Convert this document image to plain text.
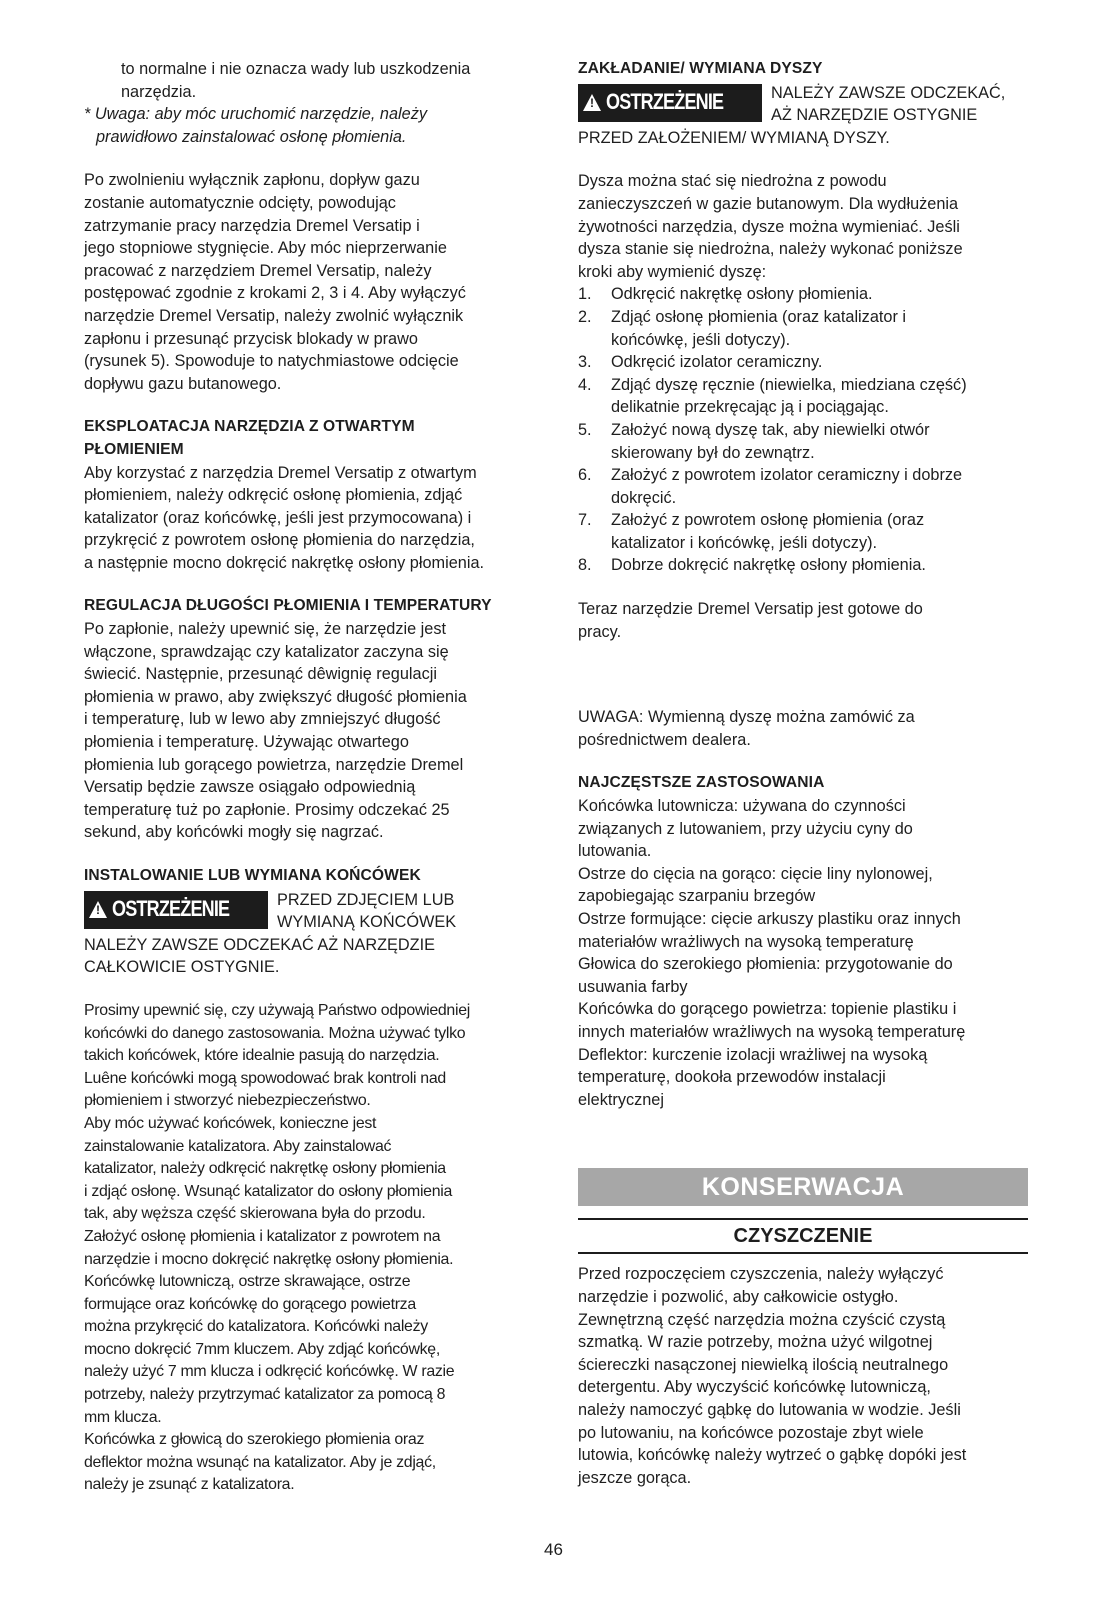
to normalne i nie oznacza wady lub uszkodzenia
narzędzia.

* Uwaga: aby móc uruchomić narzędzie, należy
prawidłowo zainstalować osłonę płomienia.

Po zwolnieniu wyłącznik zapłonu, dopływ gazu
zostanie automatycznie odcięty, powodując
zatrzymanie pracy narzędzia Dremel Versatip i
jego stopniowe stygnięcie. Aby móc nieprzerwanie
pracować z narzędziem Dremel Versatip, należy
postępować zgodnie z krokami 2, 3 i 4. Aby wyłączyć
narzędzie Dremel Versatip, należy zwolnić wyłącznik
zapłonu i przesunąć przycisk blokady w prawo
(rysunek 5). Spowoduje to natychmiastowe odcięcie
dopływu gazu butanowego.

EKSPLOATACJA NARZĘDZIA Z OTWARTYM
PŁOMIENIEM

Aby korzystać z narzędzia Dremel Versatip z otwartym
płomieniem, należy odkręcić osłonę płomienia, zdjąć
katalizator (oraz końcówkę, jeśli jest przymocowana) i
przykręcić z powrotem osłonę płomienia do narzędzia,
a następnie mocno dokręcić nakrętkę osłony płomienia.

REGULACJA DŁUGOŚCI PŁOMIENIA I TEMPERATURY

Po zapłonie, należy upewnić się, że narzędzie jest
włączone, sprawdzając czy katalizator zaczyna się
świecić. Następnie, przesunąć dêwignię regulacji
płomienia w prawo, aby zwiększyć długość płomienia
i temperaturę, lub w lewo aby zmniejszyć długość
płomienia i temperaturę. Używając otwartego
płomienia lub gorącego powietrza, narzędzie Dremel
Versatip będzie zawsze osiągało odpowiednią
temperaturę tuż po zapłonie. Prosimy odczekać 25
sekund, aby końcówki mogły się nagrzać.

INSTALOWANIE LUB WYMIANA KOŃCÓWEK

!
OSTRZEŻENIE	PRZED ZDJĘCIEM LUB
WYMIANĄ KOŃCÓWEK

NALEŻY ZAWSZE ODCZEKAĆ AŻ NARZĘDZIE
CAŁKOWICIE OSTYGNIE.

Prosimy upewnić się, czy używają Państwo odpowiedniej
końcówki do danego zastosowania. Można używać tylko
takich końcówek, które idealnie pasują do narzędzia.
Luêne końcówki mogą spowodować brak kontroli nad
płomieniem i stworzyć niebezpieczeństwo.
Aby móc używać końcówek, konieczne jest
zainstalowanie katalizatora. Aby zainstalować
katalizator, należy odkręcić nakrętkę osłony płomienia
i zdjąć osłonę. Wsunąć katalizator do osłony płomienia
tak, aby węższa część skierowana była do przodu.
Założyć osłonę płomienia i katalizator z powrotem na
narzędzie i mocno dokręcić nakrętkę osłony płomienia.
Końcówkę lutowniczą, ostrze skrawające, ostrze
formujące oraz końcówkę do gorącego powietrza
można przykręcić do katalizatora. Końcówki należy
mocno dokręcić 7mm kluczem. Aby zdjąć końcówkę,
należy użyć 7 mm klucza i odkręcić końcówkę. W razie
potrzeby, należy przytrzymać katalizator za pomocą 8
mm klucza.
Końcówka z głowicą do szerokiego płomienia oraz
deflektor można wsunąć na katalizator. Aby je zdjąć,
należy je zsunąć z katalizatora.

ZAKŁADANIE/ WYMIANA DYSZY

!
OSTRZEŻENIE	NALEŻY ZAWSZE ODCZEKAĆ,
AŻ NARZĘDZIE OSTYGNIE

PRZED ZAŁOŻENIEM/ WYMIANĄ DYSZY.

Dysza można stać się niedrożna z powodu
zanieczyszczeń w gazie butanowym. Dla wydłużenia
żywotności narzędzia, dysze można wymieniać. Jeśli
dysza stanie się niedrożna, należy wykonać poniższe
kroki aby wymienić dyszę:

1.	Odkręcić nakrętkę osłony płomienia.
2.	Zdjąć osłonę płomienia (oraz katalizator i
końcówkę, jeśli dotyczy).
3.	Odkręcić izolator ceramiczny.
4.	Zdjąć dyszę ręcznie (niewielka, miedziana część)
delikatnie przekręcając ją i pociągając.
5.	Założyć nową dyszę tak, aby niewielki otwór
skierowany był do zewnątrz.
6.	Założyć z powrotem izolator ceramiczny i dobrze
dokręcić.
7.	Założyć z powrotem osłonę płomienia (oraz
katalizator i końcówkę, jeśli dotyczy).
8.	Dobrze dokręcić nakrętkę osłony płomienia.

Teraz narzędzie Dremel Versatip jest gotowe do
pracy.

UWAGA: Wymienną dyszę można zamówić za
pośrednictwem dealera.

NAJCZĘSTSZE ZASTOSOWANIA

Końcówka lutownicza: używana do czynności
związanych z lutowaniem, przy użyciu cyny do
lutowania.
Ostrze do cięcia na gorąco: cięcie liny nylonowej,
zapobiegając szarpaniu brzegów
Ostrze formujące: cięcie arkuszy plastiku oraz innych
materiałów wrażliwych na wysoką temperaturę
Głowica do szerokiego płomienia: przygotowanie do
usuwania farby
Końcówka do gorącego powietrza: topienie plastiku i
innych materiałów wrażliwych na wysoką temperaturę
Deflektor: kurczenie izolacji wrażliwej na wysoką
temperaturę, dookoła przewodów instalacji
elektrycznej

KONSERWACJA
CZYSZCZENIE

Przed rozpoczęciem czyszczenia, należy wyłączyć
narzędzie i pozwolić, aby całkowicie ostygło.
Zewnętrzną część narzędzia można czyścić czystą
szmatką. W razie potrzeby, można użyć wilgotnej
ściereczki nasączonej niewielką ilością neutralnego
detergentu. Aby wyczyścić końcówkę lutowniczą,
należy namoczyć gąbkę do lutowania w wodzie. Jeśli
po lutowaniu, na końcówce pozostaje zbyt wiele
lutowia, końcówkę należy wytrzeć o gąbkę dopóki jest
jeszcze gorąca.

46
